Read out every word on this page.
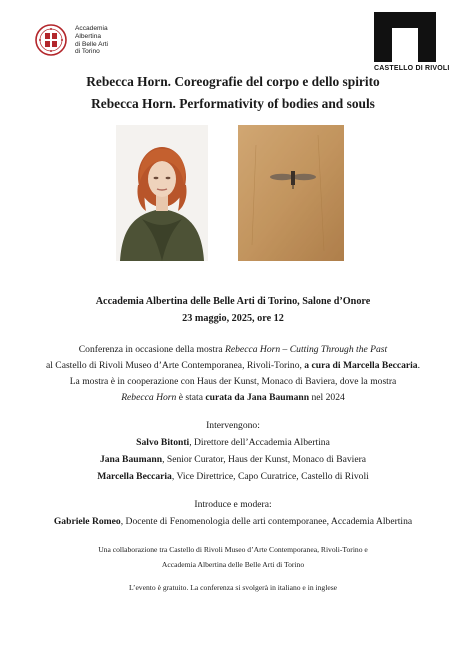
Accademia
Albertina
di Belle Arti
di Torino
CASTELLO DI RIVOLI
Rebecca Horn. Coreografie del corpo e dello spirito
Rebecca Horn. Performativity of bodies and souls
Accademia Albertina delle Belle Arti di Torino, Salone d’Onore
23 maggio, 2025, ore 12
Conferenza in occasione della mostra Rebecca Horn – Cutting Through the Past
al Castello di Rivoli Museo d’Arte Contemporanea, Rivoli-Torino, a cura di Marcella Beccaria.
La mostra è in cooperazione con Haus der Kunst, Monaco di Baviera, dove la mostra
Rebecca Horn è stata curata da Jana Baumann nel 2024
Intervengono:
Salvo Bitonti, Direttore dell’Accademia Albertina
Jana Baumann, Senior Curator, Haus der Kunst, Monaco di Baviera
Marcella Beccaria, Vice Direttrice, Capo Curatrice, Castello di Rivoli
Introduce e modera:
Gabriele Romeo, Docente di Fenomenologia delle arti contemporanee, Accademia Albertina
Una collaborazione tra Castello di Rivoli Museo d’Arte Contemporanea, Rivoli-Torino e
Accademia Albertina delle Belle Arti di Torino
L’evento è gratuito. La conferenza si svolgerà in italiano e in inglese
